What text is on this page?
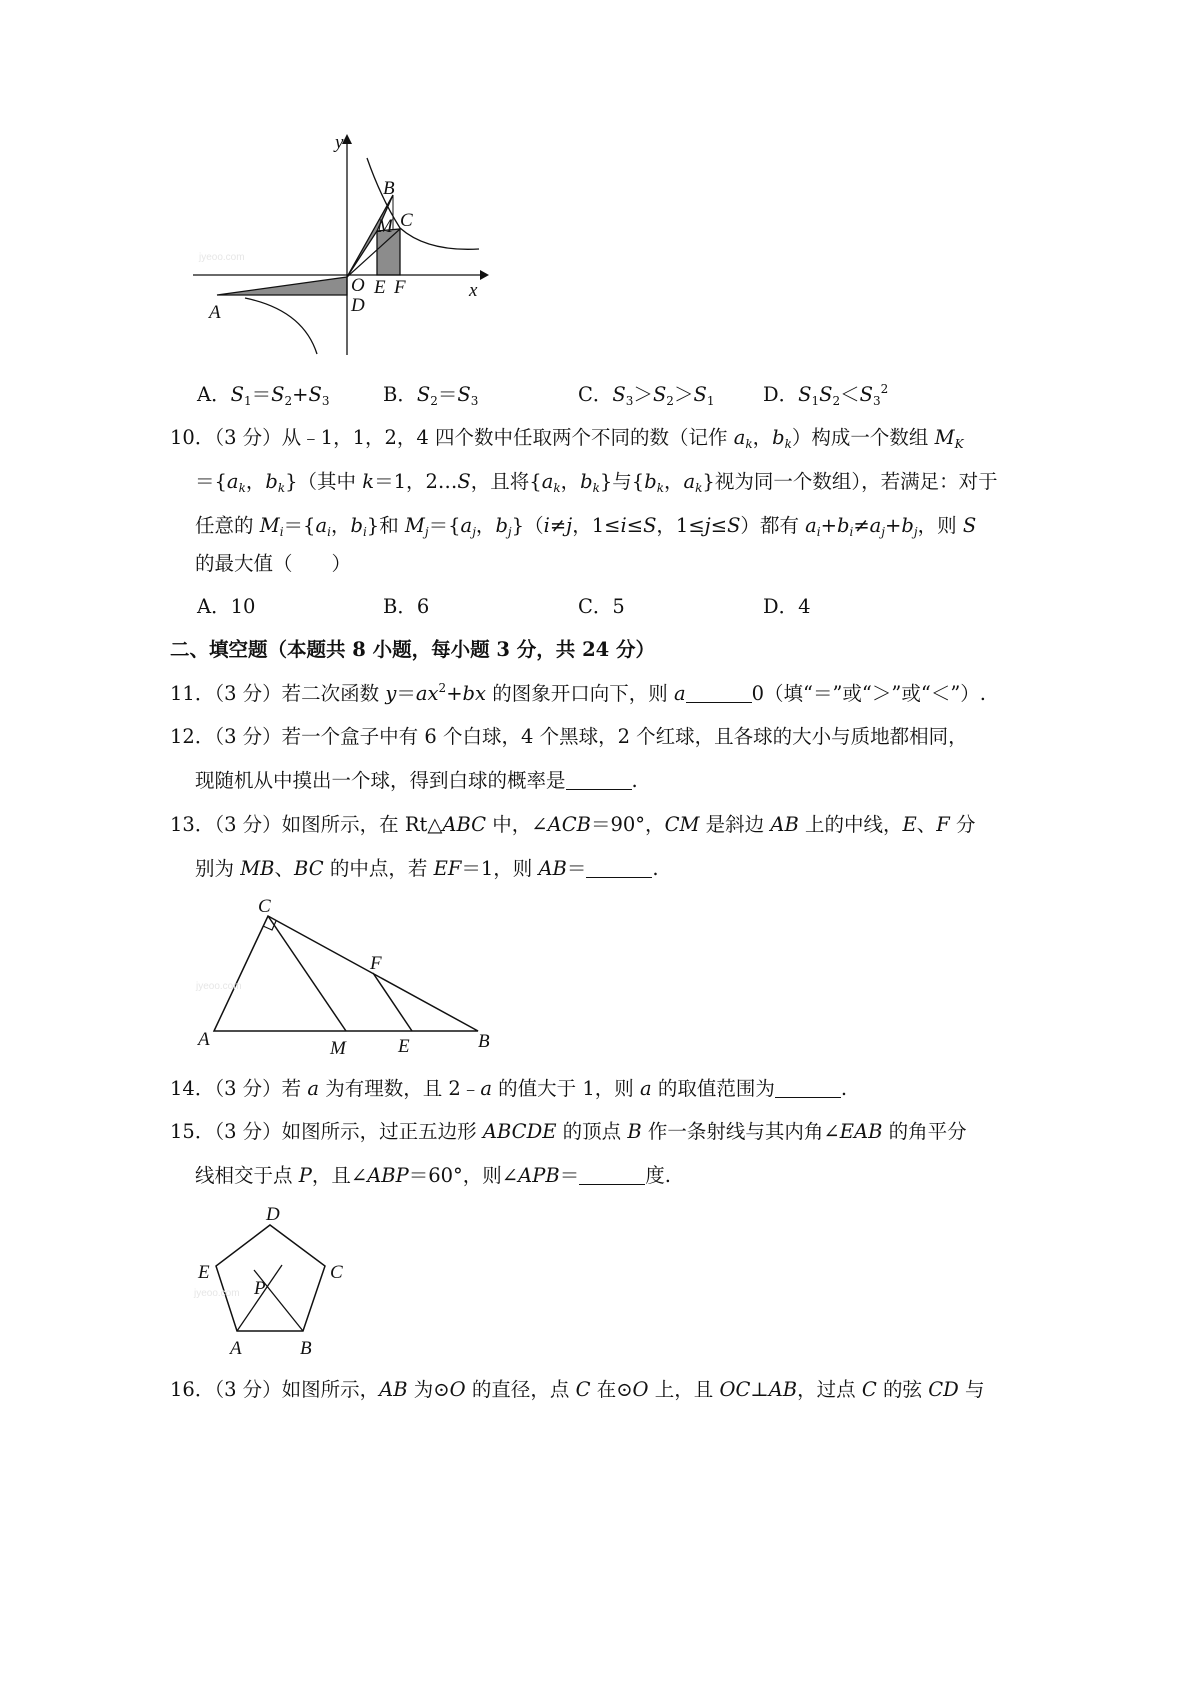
jyeoo.com
y
B
M C
O
D
E F	x
A
A．$S_1=S_2+S_3$	B．$S_2=S_3$	C．$S_3>S_2>S_1$ D．$S_1S_2<S_3^2$
10．（3 分）从﹣1，1，2，4 四个数中任取两个不同的数（记作 $a_k$，$b_k$）构成一个数组 $M_K$
$=\{a_k$，$b_k$}（其中 k＝1，2…S，且将{$a_k$，$b_k$}与{$b_k$，$a_k$}视为同一个数组），若满足：对于
任意的 $M_i=\{a_i$，$b_i$}和 $M_j=\{a_j$，$b_j\}(i\ne j$，1≤i≤S，1≤j≤S）都有 $a_i+b_i\ne a_j+b_j$，则 S
的最大值（　　）
A．10	B．6	C．5	D．4
二、填空题（本题共 8 小题，每小题 3 分，共 24 分）
11．（3 分）若二次函数 $y=ax^2+bx$ 的图象开口向下，则 a	0（填“＝”或“＞”或“＜”）.
12．（3 分）若一个盒子中有 6 个白球，4 个黑球，2 个红球，且各球的大小与质地都相同，
现随机从中摸出一个球，得到白球的概率是	.
13．（3 分）如图所示，在 Rt△ABC 中，∠ACB＝90°，CM 是斜边 AB 上的中线，E、F 分
别为 MB、BC 的中点，若 EF＝1，则 AB＝	.
jyeoo.com
C
F
A	M	E	B
14．（3 分）若 a 为有理数，且 2﹣a 的值大于 1，则 a 的取值范围为	.
15．（3 分）如图所示，过正五边形 ABCDE 的顶点 B 作一条射线与其内角∠EAB 的角平分
线相交于点 P，且∠ABP＝60°，则∠APB＝	度.
jyeoo.com
D
E	C
P
A	B
16．（3 分）如图所示，AB 为⊙O 的直径，点 C 在⊙O 上，且 OC⊥AB，过点 C 的弦 CD 与
